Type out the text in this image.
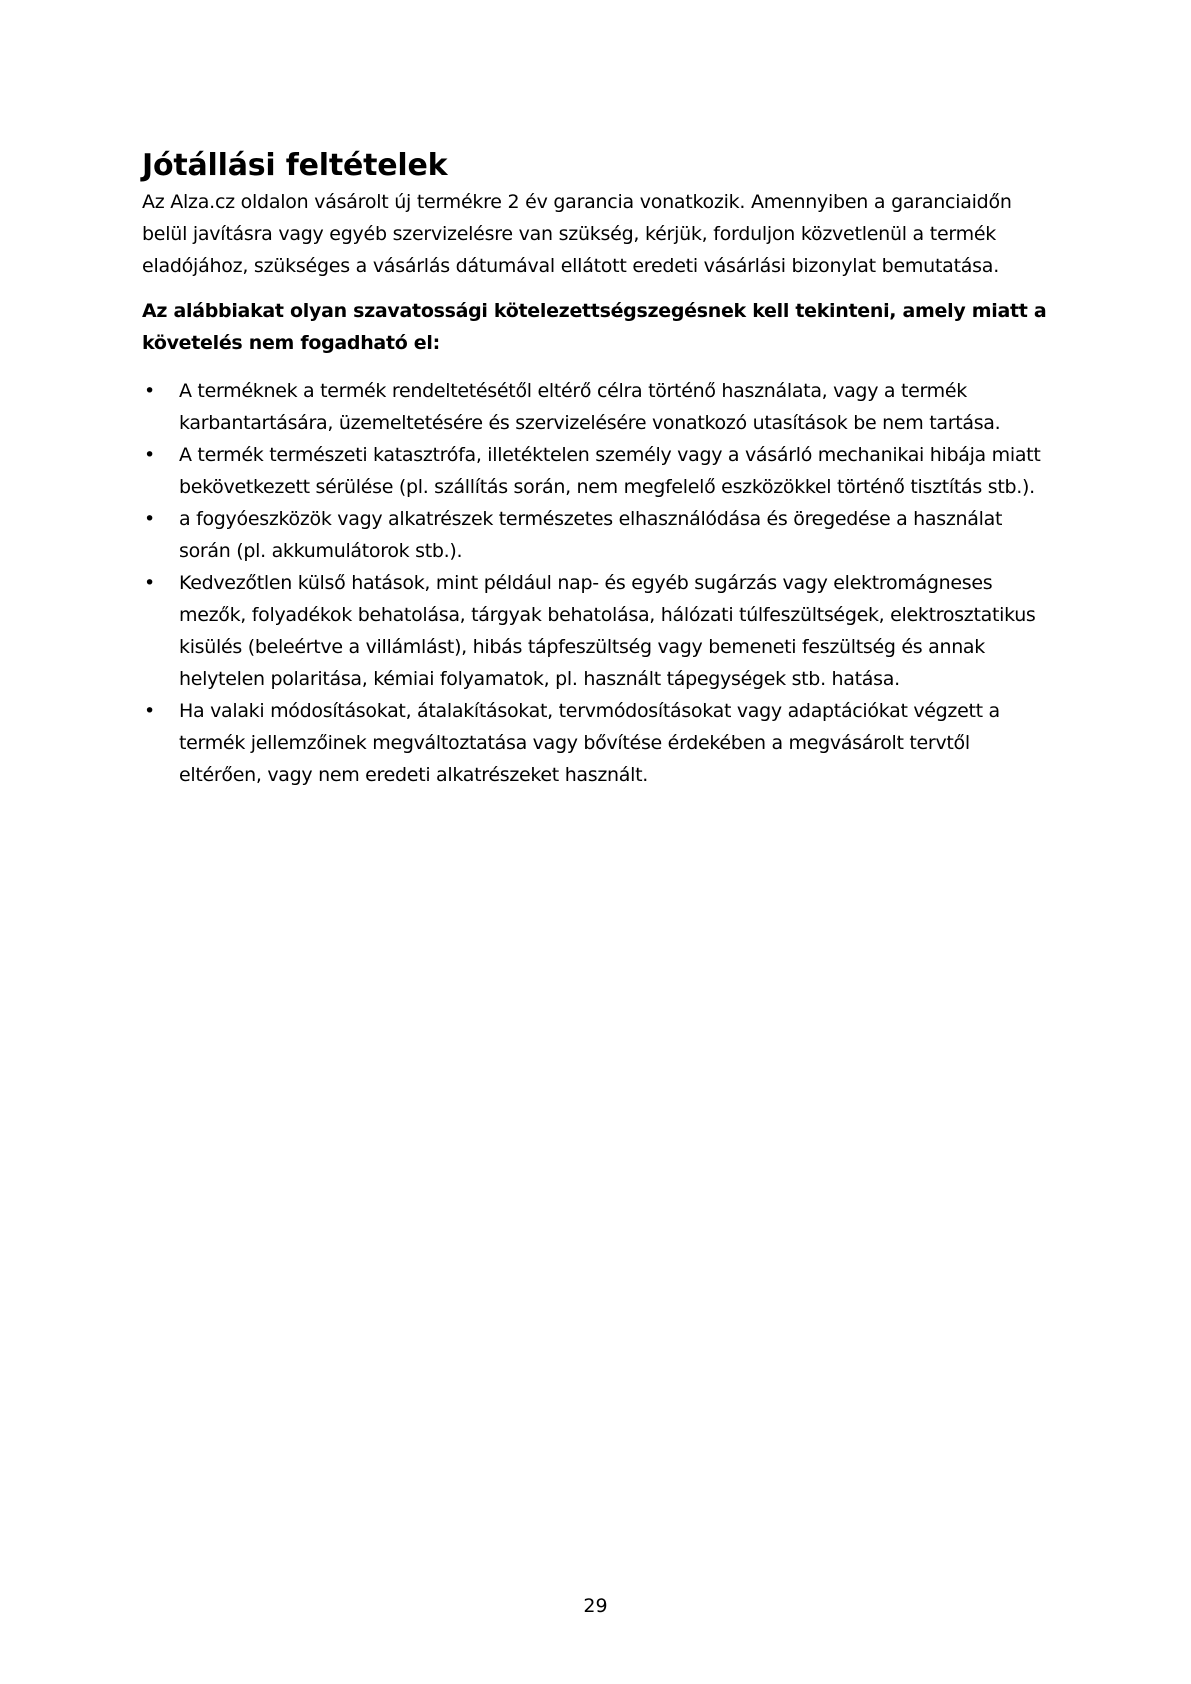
Jótállási feltételek

Az Alza.cz oldalon vásárolt új termékre 2 év garancia vonatkozik. Amennyiben a garanciaidőn belül javításra vagy egyéb szervizelésre van szükség, kérjük, forduljon közvetlenül a termék eladójához, szükséges a vásárlás dátumával ellátott eredeti vásárlási bizonylat bemutatása.

Az alábbiakat olyan szavatossági kötelezettségszegésnek kell tekinteni, amely miatt a követelés nem fogadható el:

• A terméknek a termék rendeltetésétől eltérő célra történő használata, vagy a termék karbantartására, üzemeltetésére és szervizelésére vonatkozó utasítások be nem tartása.
• A termék természeti katasztrófa, illetéktelen személy vagy a vásárló mechanikai hibája miatt bekövetkezett sérülése (pl. szállítás során, nem megfelelő eszközökkel történő tisztítás stb.).
• a fogyóeszközök vagy alkatrészek természetes elhasználódása és öregedése a használat során (pl. akkumulátorok stb.).
• Kedvezőtlen külső hatások, mint például nap- és egyéb sugárzás vagy elektromágneses mezők, folyadékok behatolása, tárgyak behatolása, hálózati túlfeszültségek, elektrosztatikus kisülés (beleértve a villámlást), hibás tápfeszültség vagy bemeneti feszültség és annak helytelen polaritása, kémiai folyamatok, pl. használt tápegységek stb. hatása.
• Ha valaki módosításokat, átalakításokat, tervmódosításokat vagy adaptációkat végzett a termék jellemzőinek megváltoztatása vagy bővítése érdekében a megvásárolt tervtől eltérően, vagy nem eredeti alkatrészeket használt.
29
